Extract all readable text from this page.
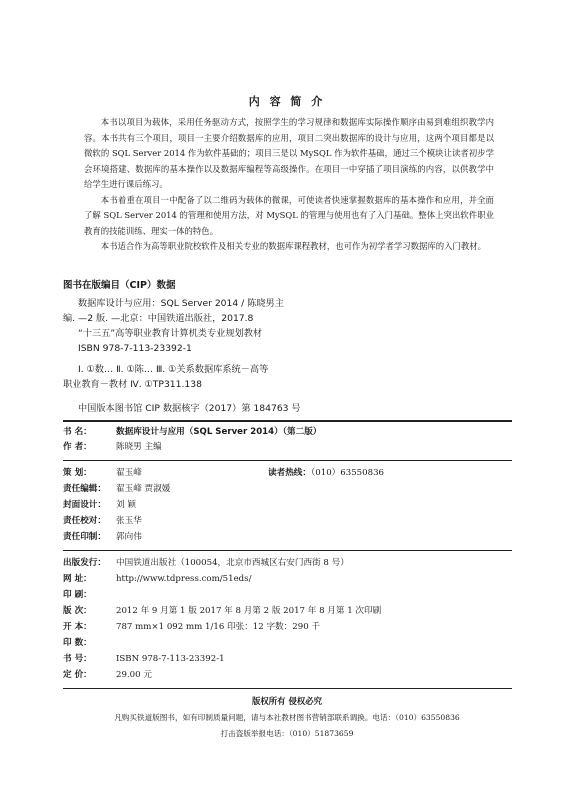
内 容 简 介

本书以项目为载体，采用任务驱动方式，按照学生的学习规律和数据库实际操作顺序由易到难组织教学内容。本书共有三个项目，项目一主要介绍数据库的应用，项目二突出数据库的设计与应用，这两个项目都是以微软的 SQL Server 2014 作为软件基础的；项目三是以 MySQL 作为软件基础，通过三个模块让读者初步学会环境搭建、数据库的基本操作以及数据库编程等高级操作。在项目一中穿插了项目演练的内容，以供教学中给学生进行课后练习。

本书着重在项目一中配备了以二维码为载体的微课，可使读者快速掌握数据库的基本操作和应用，并全面了解 SQL Server 2014 的管理和使用方法，对 MySQL 的管理与使用也有了入门基础。整体上突出软件职业教育的技能训练、理实一体的特色。

本书适合作为高等职业院校软件及相关专业的数据库课程教材，也可作为初学者学习数据库的入门教材。

图书在版编目（CIP）数据
数据库设计与应用：SQL Server 2014 / 陈晓男主
编. —2 版. —北京：中国铁道出版社，2017.8
“十三五”高等职业教育计算机类专业规划教材
ISBN 978-7-113-23392-1
Ⅰ. ①数… Ⅱ. ①陈… Ⅲ. ①关系数据库系统－高等
职业教育－教材 Ⅳ. ①TP311.138
中国版本图书馆 CIP 数据核字（2017）第 184763 号
书 名：	数据库设计与应用（SQL Server 2014）（第二版）
作 者：	陈晓男 主编
策 划：	翟玉峰	读者热线：（010）63550836
责任编辑： 翟玉峰 贾淑媛
封面设计： 刘 颖
责任校对： 张玉华
责任印制： 郭向伟
出版发行： 中国铁道出版社（100054，北京市西城区右安门西街 8 号）
网 址：	http://www.tdpress.com/51eds/
印 刷：
版 次：	2012 年 9 月第 1 版 2017 年 8 月第 2 版 2017 年 8 月第 1 次印刷
开 本：	787 mm×1 092 mm 1/16 印张：12 字数：290 千
印 数：
书 号：	ISBN 978-7-113-23392-1
定 价：	29.00 元
版权所有 侵权必究
凡购买铁道版图书，如有印制质量问题，请与本社教材图书营销部联系调换。电话：（010）63550836
打击盗版举报电话：（010）51873659
